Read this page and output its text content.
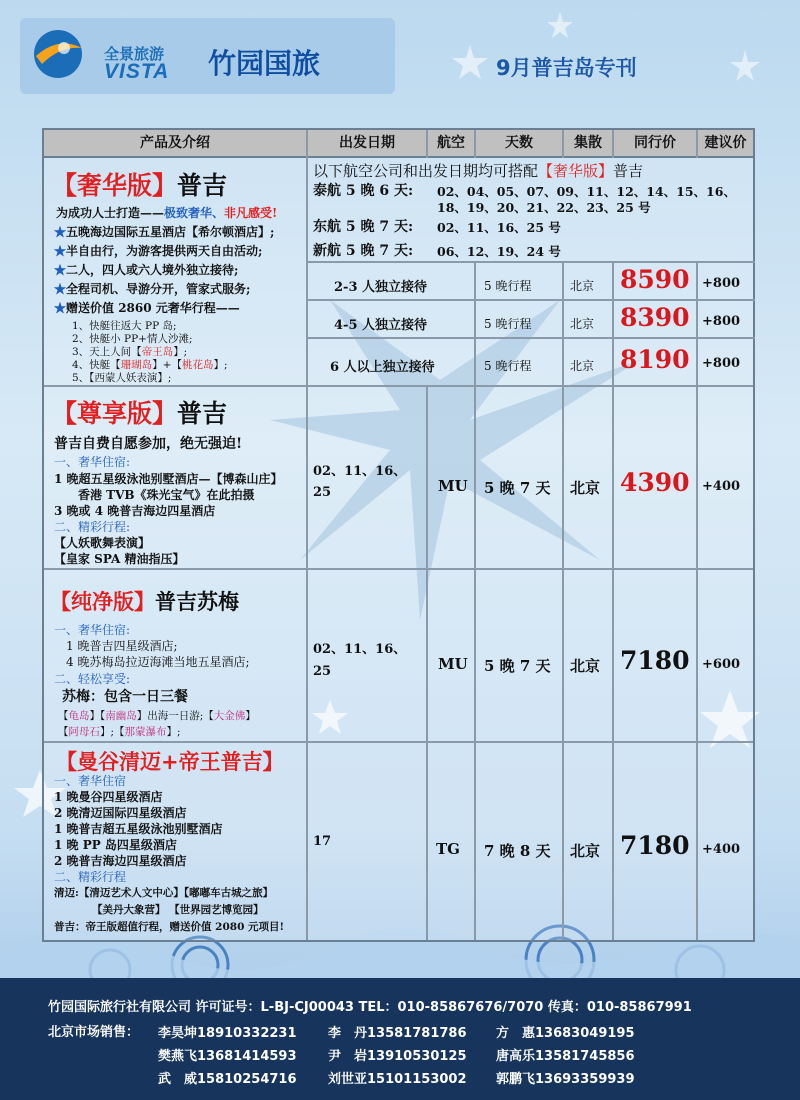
全景旅游
VISTA 竹园国旅	9月普吉岛专刊
产品及介绍	出发日期	航空	天数	集散	同行价	建议价
【奢华版】普吉
为成功人士打造——极致奢华、非凡感受!
★五晚海边国际五星酒店【希尔顿酒店】;
★半自由行，为游客提供两天自由活动;
★二人，四人或六人境外独立接待;
★全程司机、导游分开，管家式服务;
★赠送价值 2860 元奢华行程——
1、快艇往返大 PP 岛;
2、快艇小 PP+情人沙滩;
3、天上人间【帝王岛】;
4、快艇【珊瑚岛】+【桃花岛】;
5、【西蒙人妖表演】;
以下航空公司和出发日期均可搭配【奢华版】普吉
泰航 5 晚 6 天: 02、04、05、07、09、11、12、14、15、16、
18、19、20、21、22、23、25 号
东航 5 晚 7 天: 02、11、16、25 号
新航 5 晚 7 天: 06、12、19、24 号
2-3 人独立接待	5 晚行程	北京 8590 +800
4-5 人独立接待	5 晚行程	北京 8390 +800
6 人以上独立接待	5 晚行程	北京 8190 +800
【尊享版】普吉
普吉自费自愿参加，绝无强迫!
一、奢华住宿:
1 晚超五星级泳池别墅酒店—【博森山庄】
香港 TVB《珠光宝气》在此拍摄
3 晚或 4 晚普吉海边四星酒店
二、精彩行程:
【人妖歌舞表演】
【皇家 SPA 精油指压】
02、11、16、
25	MU 5 晚 7 天 北京 4390 +400
【纯净版】普吉苏梅
一、奢华住宿:
1 晚普吉四星级酒店;
4 晚苏梅岛拉迈海滩当地五星酒店;
二、轻松享受:
苏梅：包含一日三餐
【龟岛】【南幽岛】出海一日游;【大金佛】
【阿母石】;【那蒙瀑布】;
02、11、16、
25	MU 5 晚 7 天 北京 7180 +600
【曼谷清迈+帝王普吉】
一、奢华住宿
1 晚曼谷四星级酒店
2 晚清迈国际四星级酒店
1 晚普吉超五星级泳池别墅酒店
1 晚 PP 岛四星级酒店
2 晚普吉海边四星级酒店
二、精彩行程
清迈:【清迈艺术人文中心】【嘟嘟车古城之旅】
【美丹大象营】 【世界园艺博览园】
普吉：帝王版超值行程，赠送价值 2080 元项目!
17	TG 7 晚 8 天 北京 7180 +400
竹园国际旅行社有限公司 许可证号：L-BJ-CJ00043 TEL：010-85867676/7070 传真：010-85867991
北京市场销售： 李昊坤18910332231 李　丹13581781786 方　惠13683049195
樊燕飞13681414593 尹　岩13910530125 唐高乐13581745856
武　威15810254716 刘世亚15101153002 郭鹏飞13693359939
